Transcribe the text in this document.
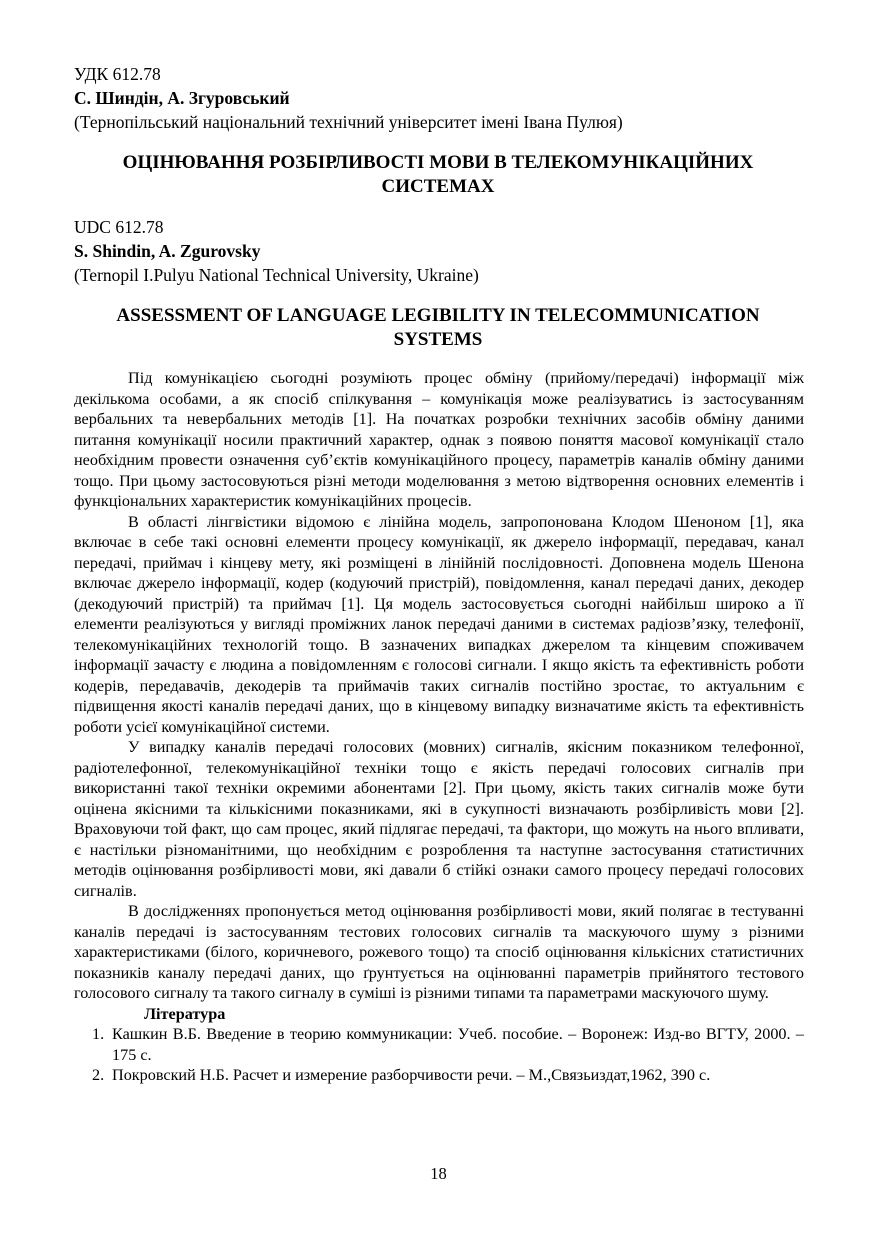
УДК 612.78
С. Шиндін, А. Згуровський
(Тернопільський національний технічний університет імені Івана Пулюя)
ОЦІНЮВАННЯ РОЗБІРЛИВОСТІ МОВИ В ТЕЛЕКОМУНІКАЦІЙНИХ
СИСТЕМАХ
UDC 612.78
S. Shindin, A. Zgurovsky
(Ternopil I.Pulyu National Technical University, Ukraine)
ASSESSMENT OF LANGUAGE LEGIBILITY IN TELECOMMUNICATION
SYSTEMS

Під комунікацією сьогодні розуміють процес обміну (прийому/передачі) інформації між декількома особами, а як спосіб спілкування – комунікація може реалізуватись із застосуванням вербальних та невербальних методів [1]. На початках розробки технічних засобів обміну даними питання комунікації носили практичний характер, однак з появою поняття масової комунікації стало необхідним провести означення суб’єктів комунікаційного процесу, параметрів каналів обміну даними тощо. При цьому застосовуються різні методи моделювання з метою відтворення основних елементів і функціональних характеристик комунікаційних процесів.

В області лінгвістики відомою є лінійна модель, запропонована Клодом Шеноном [1], яка включає в себе такі основні елементи процесу комунікації, як джерело інформації, передавач, канал передачі, приймач і кінцеву мету, які розміщені в лінійній послідовності. Доповнена модель Шенона включає джерело інформації, кодер (кодуючий пристрій), повідомлення, канал передачі даних, декодер (декодуючий пристрій) та приймач [1]. Ця модель застосовується сьогодні найбільш широко а її елементи реалізуються у вигляді проміжних ланок передачі даними в системах радіозв’язку, телефонії, телекомунікаційних технологій тощо. В зазначених випадках джерелом та кінцевим споживачем інформації зачасту є людина а повідомленням є голосові сигнали. І якщо якість та ефективність роботи кодерів, передавачів, декодерів та приймачів таких сигналів постійно зростає, то актуальним є підвищення якості каналів передачі даних, що в кінцевому випадку визначатиме якість та ефективність роботи усієї комунікаційної системи.

У випадку каналів передачі голосових (мовних) сигналів, якісним показником телефонної, радіотелефонної, телекомунікаційної техніки тощо є якість передачі голосових сигналів при використанні такої техніки окремими абонентами [2]. При цьому, якість таких сигналів може бути оцінена якісними та кількісними показниками, які в сукупності визначають розбірливість мови [2]. Враховуючи той факт, що сам процес, який підлягає передачі, та фактори, що можуть на нього впливати, є настільки різноманітними, що необхідним є розроблення та наступне застосування статистичних методів оцінювання розбірливості мови, які давали б стійкі ознаки самого процесу передачі голосових сигналів.

В дослідженнях пропонується метод оцінювання розбірливості мови, який полягає в тестуванні каналів передачі із застосуванням тестових голосових сигналів та маскуючого шуму з різними характеристиками (білого, коричневого, рожевого тощо) та спосіб оцінювання кількісних статистичних показників каналу передачі даних, що ґрунтується на оцінюванні параметрів прийнятого тестового голосового сигналу та такого сигналу в суміші із різними типами та параметрами маскуючого шуму.

Література
1. Кашкин В.Б. Введение в теорию коммуникации: Учеб. пособие. – Воронеж: Изд-во ВГТУ, 2000. – 175 с.
2. Покровский Н.Б. Расчет и измерение разборчивости речи. – М.,Связьиздат,1962, 390 с.
18
